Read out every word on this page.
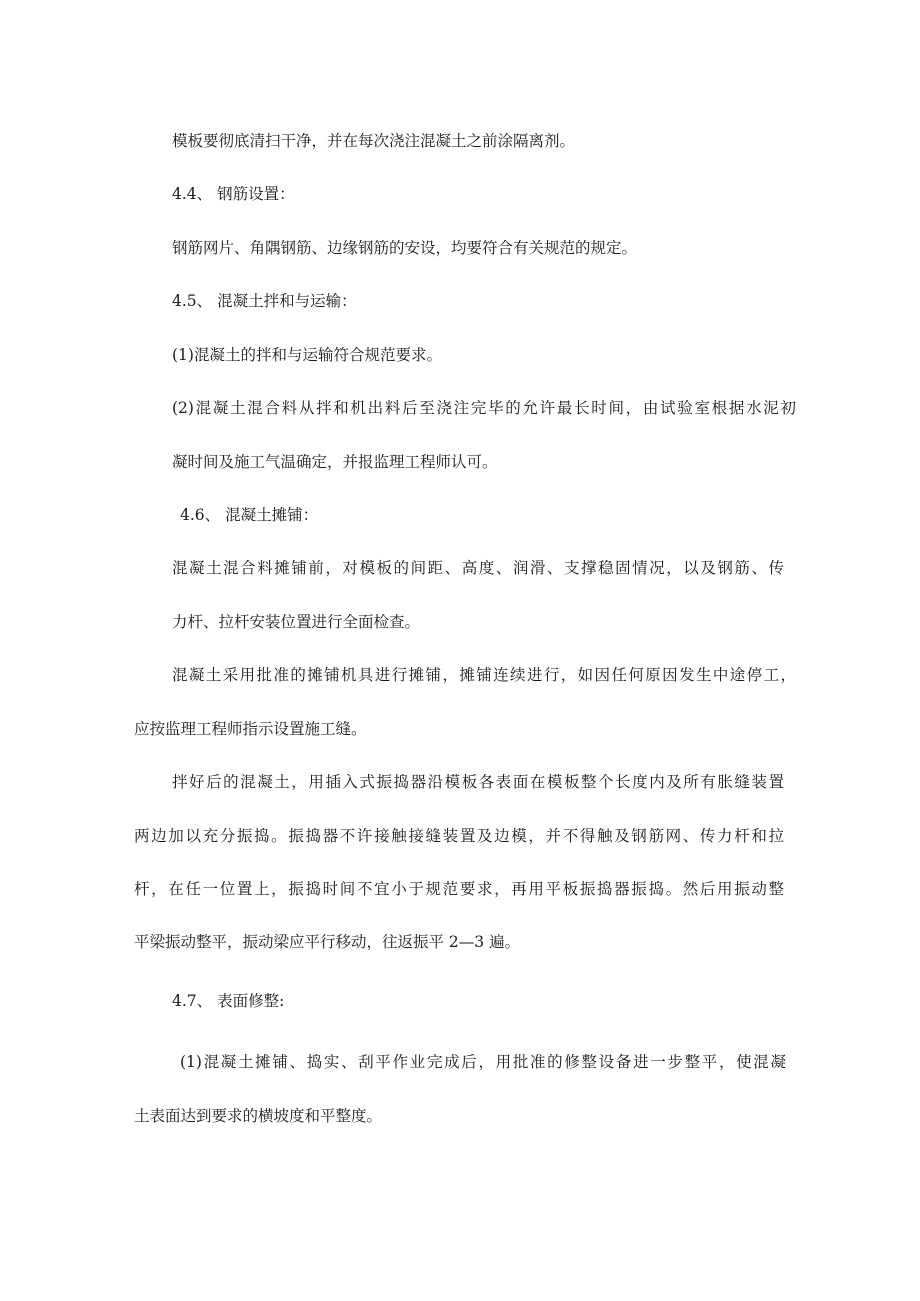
模板要彻底清扫干净，并在每次浇注混凝土之前涂隔离剂。

4.4、 钢筋设置：

钢筋网片、角隅钢筋、边缘钢筋的安设，均要符合有关规范的规定。

4.5、 混凝土拌和与运输：

(1)混凝土的拌和与运输符合规范要求。

(2)混凝土混合料从拌和机出料后至浇注完毕的允许最长时间，由试验室根据水泥初

凝时间及施工气温确定，并报监理工程师认可。

4.6、 混凝土摊铺：

混凝土混合料摊铺前，对模板的间距、高度、润滑、支撑稳固情况，以及钢筋、传

力杆、拉杆安装位置进行全面检查。

混凝土采用批准的摊铺机具进行摊铺，摊铺连续进行，如因任何原因发生中途停工，

应按监理工程师指示设置施工缝。

拌好后的混凝土，用插入式振捣器沿模板各表面在模板整个长度内及所有胀缝装置

两边加以充分振捣。振捣器不许接触接缝装置及边模，并不得触及钢筋网、传力杆和拉

杆，在任一位置上，振捣时间不宜小于规范要求，再用平板振捣器振捣。然后用振动整

平梁振动整平，振动梁应平行移动，往返振平 2—3 遍。

4.7、 表面修整:

(1)混凝土摊铺、捣实、刮平作业完成后，用批准的修整设备进一步整平，使混凝

土表面达到要求的横坡度和平整度。
